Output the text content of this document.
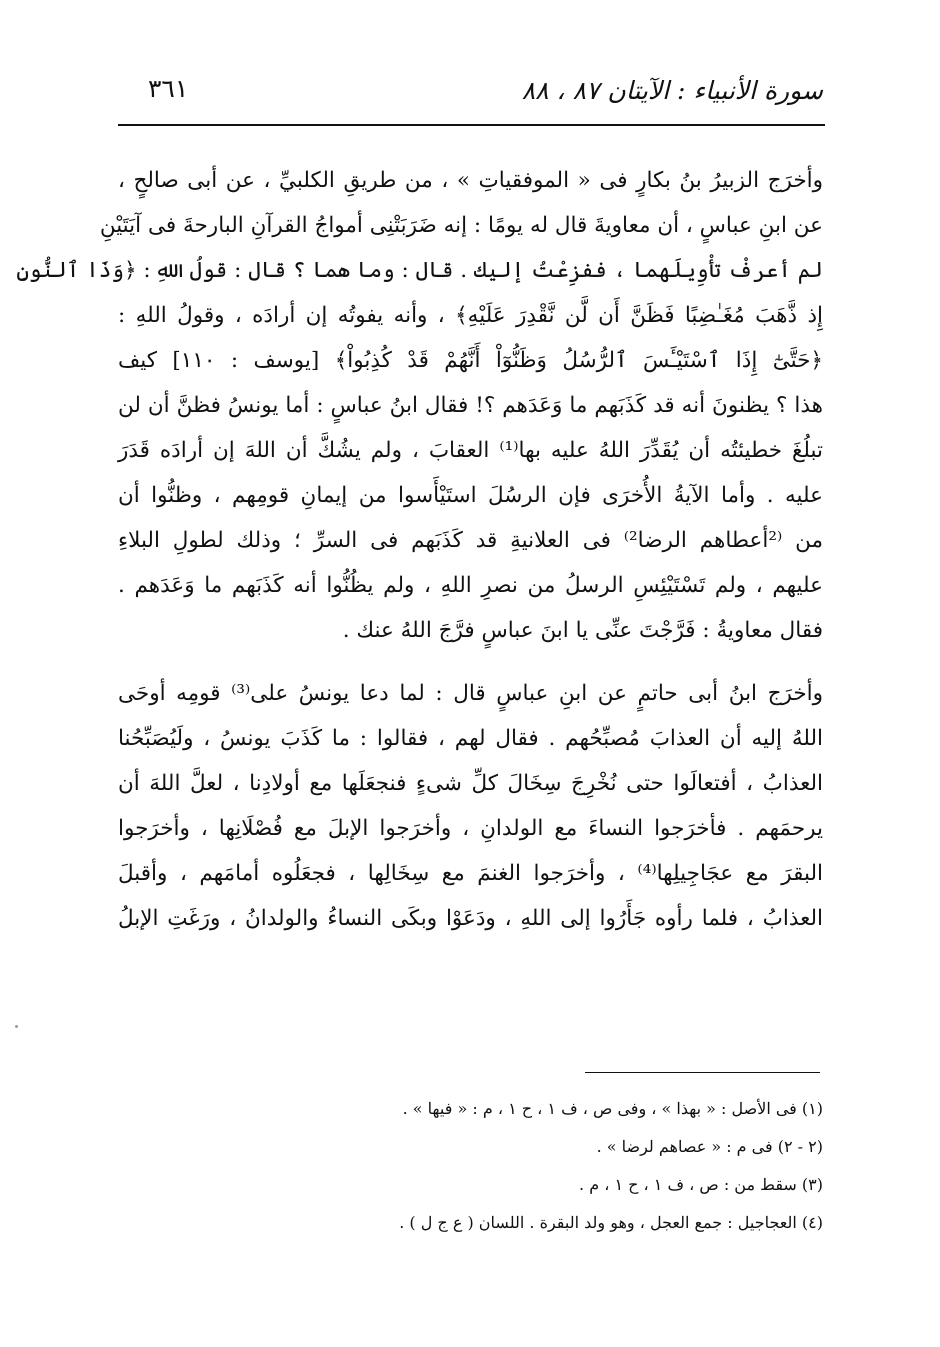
سورة الأنبياء : الآيتان ٨٧ ، ٨٨
٣٦١
وأخرَج الزبيرُ بنُ بكارٍ فى « الموفقياتِ » ، من طريقِ الكلبيِّ ، عن أبى صالحٍ ،
عن ابنِ عباسٍ ، أن معاويةَ قال له يومًا : إنه ضَرَبَتْنِى أمواجُ القرآنِ البارحةَ فى آيَتَيْنِ
لم أعرفْ تأْوِيلَهما ، ففزِعْتُ إليك . قال : وما هما ؟ قال : قولُ اللهِ : ﴿وَذَا ٱلنُّونِ
إِذ ذَّهَبَ مُغَـٰضِبًا فَظَنَّ أَن لَّن نَّقْدِرَ عَلَيْهِ﴾ ، وأنه يفوتُه إن أرادَه ، وقولُ اللهِ :
﴿حَتَّىٰٓ إِذَا ٱسْتَيْـَٔسَ ٱلرُّسُلُ وَظَنُّوٓاْ أَنَّهُمْ قَدْ كُذِبُواْ﴾ [يوسف : ١١٠] كيف
هذا ؟ يظنونَ أنه قد كَذَبَهم ما وَعَدَهم ؟! فقال ابنُ عباسٍ : أما يونسُ فظنَّ أن لن
تبلُغَ خطيئتُه أن يُقَدِّرَ اللهُ عليه بها⁽¹⁾ العقابَ ، ولم يشُكَّ أن اللهَ إن أرادَه قَدَرَ
عليه . وأما الآيةُ الأُخرَى فإن الرسُلَ استَيْأَسوا من إيمانِ قومِهم ، وظنُّوا أن
من ⁽²أعطاهم الرضا²⁾ فى العلانيةِ قد كَذَبَهم فى السرِّ ؛ وذلك لطولِ البلاءِ
عليهم ، ولم تَسْتَيْئِسِ الرسلُ من نصرِ اللهِ ، ولم يظُنُّوا أنه كَذَبَهم ما وَعَدَهم .
فقال معاويةُ : فَرَّجْتَ عنِّى يا ابنَ عباسٍ فرَّجَ اللهُ عنك .
وأخرَج ابنُ أبى حاتمٍ عن ابنِ عباسٍ قال : لما دعا يونسُ على⁽³⁾ قومِه أوحَى
اللهُ إليه أن العذابَ مُصبِّحُهم . فقال لهم ، فقالوا : ما كَذَبَ يونسُ ، ولَيُصَبِّحُنا
العذابُ ، أفتعالَوا حتى نُخْرِجَ سِخَالَ كلِّ شىءٍ فنجعَلَها مع أولادِنا ، لعلَّ اللهَ أن
يرحمَهم . فأخرَجوا النساءَ مع الولدانِ ، وأخرَجوا الإبلَ مع فُصْلَانِها ، وأخرَجوا
البقرَ مع عجَاجِيلِها⁽⁴⁾ ، وأخرَجوا الغنمَ مع سِخَالِها ، فجعَلُوه أمامَهم ، وأقبلَ
العذابُ ، فلما رأوه جَأَرُوا إلى اللهِ ، ودَعَوْا وبكَى النساءُ والولدانُ ، ورَغَتِ الإبلُ
(١) فى الأصل : « بهذا » ، وفى ص ، ف ١ ، ح ١ ، م : « فيها » .
(٢ - ٢) فى م : « عصاهم لرضا » .
(٣) سقط من : ص ، ف ١ ، ح ١ ، م .
(٤) العجاجيل : جمع العجل ، وهو ولد البقرة . اللسان ( ع ج ل ) .
